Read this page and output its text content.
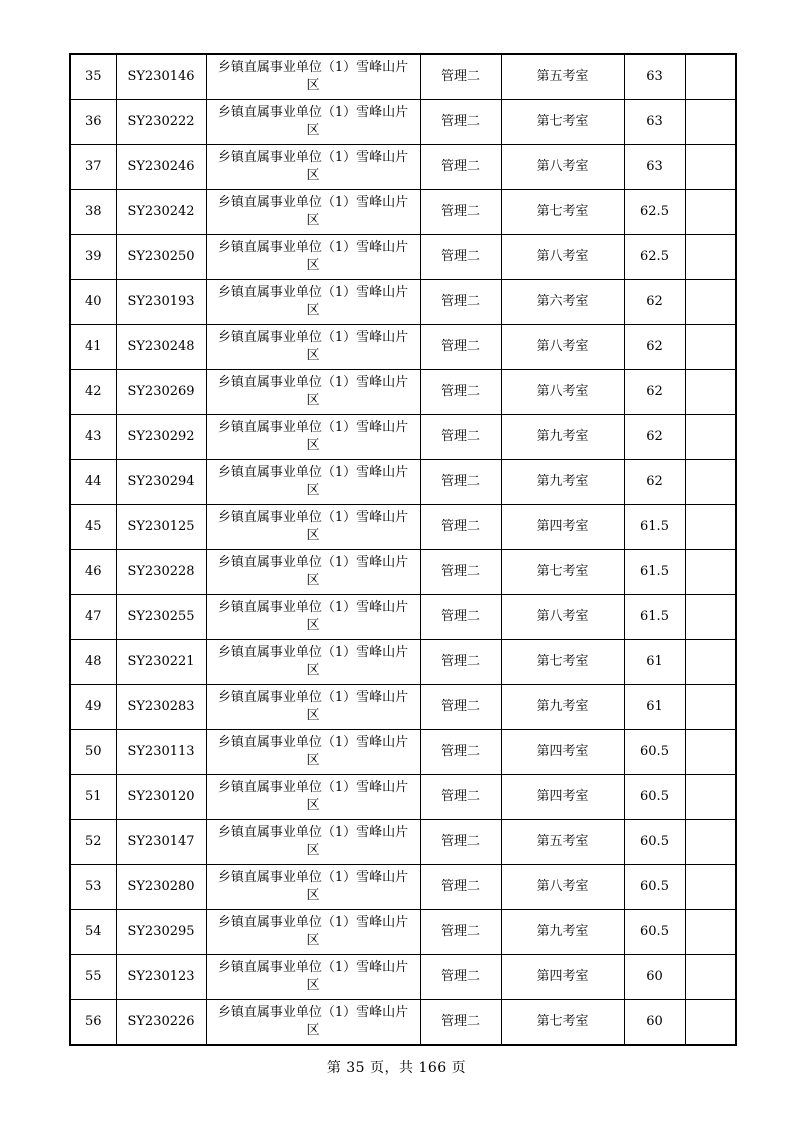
35	SY230146	乡镇直属事业单位（1）雪峰山片区	管理二	第五考室	63	
36	SY230222	乡镇直属事业单位（1）雪峰山片区	管理二	第七考室	63	
37	SY230246	乡镇直属事业单位（1）雪峰山片区	管理二	第八考室	63	
38	SY230242	乡镇直属事业单位（1）雪峰山片区	管理二	第七考室	62.5	
39	SY230250	乡镇直属事业单位（1）雪峰山片区	管理二	第八考室	62.5	
40	SY230193	乡镇直属事业单位（1）雪峰山片区	管理二	第六考室	62	
41	SY230248	乡镇直属事业单位（1）雪峰山片区	管理二	第八考室	62	
42	SY230269	乡镇直属事业单位（1）雪峰山片区	管理二	第八考室	62	
43	SY230292	乡镇直属事业单位（1）雪峰山片区	管理二	第九考室	62	
44	SY230294	乡镇直属事业单位（1）雪峰山片区	管理二	第九考室	62	
45	SY230125	乡镇直属事业单位（1）雪峰山片区	管理二	第四考室	61.5	
46	SY230228	乡镇直属事业单位（1）雪峰山片区	管理二	第七考室	61.5	
47	SY230255	乡镇直属事业单位（1）雪峰山片区	管理二	第八考室	61.5	
48	SY230221	乡镇直属事业单位（1）雪峰山片区	管理二	第七考室	61	
49	SY230283	乡镇直属事业单位（1）雪峰山片区	管理二	第九考室	61	
50	SY230113	乡镇直属事业单位（1）雪峰山片区	管理二	第四考室	60.5	
51	SY230120	乡镇直属事业单位（1）雪峰山片区	管理二	第四考室	60.5	
52	SY230147	乡镇直属事业单位（1）雪峰山片区	管理二	第五考室	60.5	
53	SY230280	乡镇直属事业单位（1）雪峰山片区	管理二	第八考室	60.5	
54	SY230295	乡镇直属事业单位（1）雪峰山片区	管理二	第九考室	60.5	
55	SY230123	乡镇直属事业单位（1）雪峰山片区	管理二	第四考室	60	
56	SY230226	乡镇直属事业单位（1）雪峰山片区	管理二	第七考室	60	
第 35 页，共 166 页
